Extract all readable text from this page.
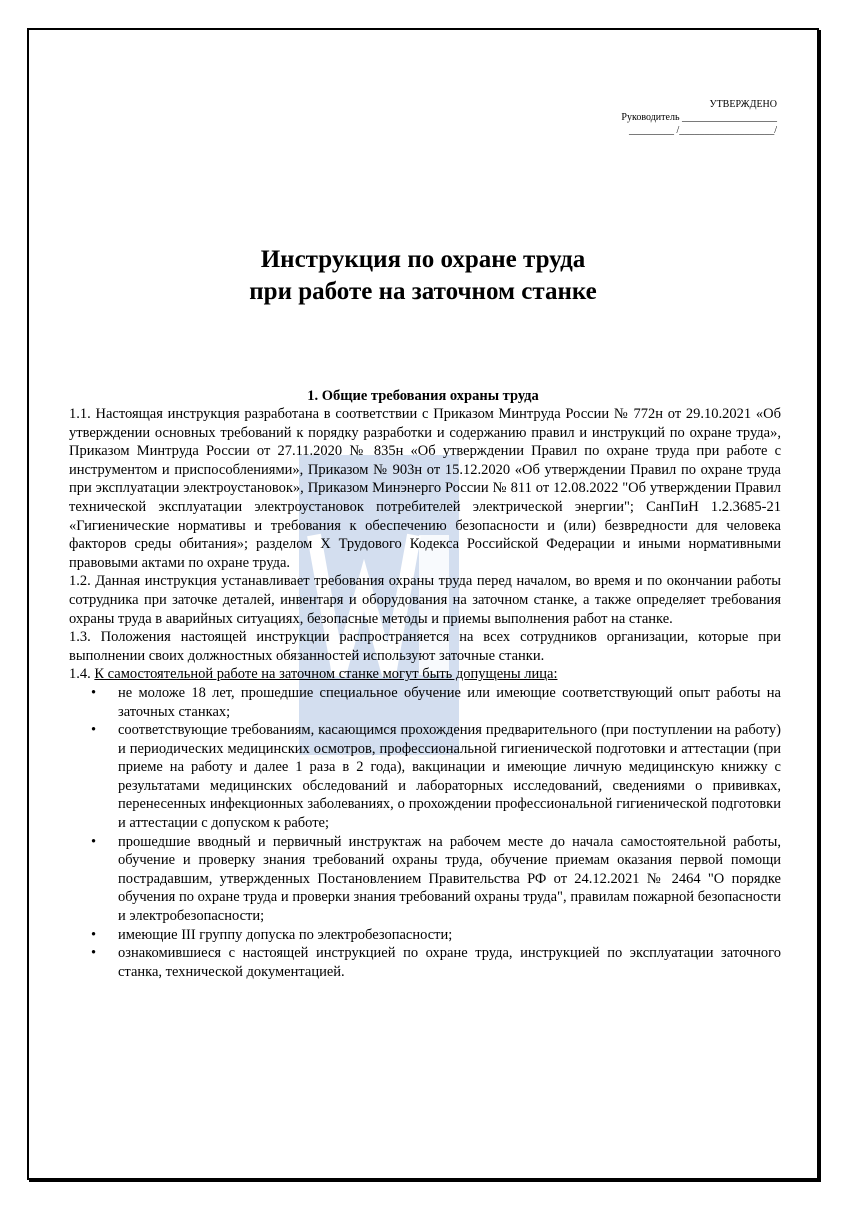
УТВЕРЖДЕНО
Руководитель ___________________
_________ /___________________/
Инструкция по охране труда
при работе на заточном станке
1. Общие требования охраны труда

1.1. Настоящая инструкция разработана в соответствии с Приказом Минтруда России № 772н от 29.10.2021 «Об утверждении основных требований к порядку разработки и содержанию правил и инструкций по охране труда», Приказом Минтруда России от 27.11.2020 № 835н «Об утверждении Правил по охране труда при работе с инструментом и приспособлениями», Приказом № 903н от 15.12.2020 «Об утверждении Правил по охране труда при эксплуатации электроустановок», Приказом Минэнерго России № 811 от 12.08.2022 "Об утверждении Правил технической эксплуатации электроустановок потребителей электрической энергии"; СанПиН 1.2.3685-21 «Гигиенические нормативы и требования к обеспечению безопасности и (или) безвредности для человека факторов среды обитания»; разделом X Трудового Кодекса Российской Федерации и иными нормативными правовыми актами по охране труда.

1.2. Данная инструкция устанавливает требования охраны труда перед началом, во время и по окончании работы сотрудника при заточке деталей, инвентаря и оборудования на заточном станке, а также определяет требования охраны труда в аварийных ситуациях, безопасные методы и приемы выполнения работ на станке.

1.3. Положения настоящей инструкции распространяется на всех сотрудников организации, которые при выполнении своих должностных обязанностей используют заточные станки.

1.4. К самостоятельной работе на заточном станке могут быть допущены лица:

• не моложе 18 лет, прошедшие специальное обучение или имеющие соответствующий опыт работы на заточных станках;
• соответствующие требованиям, касающимся прохождения предварительного (при поступлении на работу) и периодических медицинских осмотров, профессиональной гигиенической подготовки и аттестации (при приеме на работу и далее 1 раза в 2 года), вакцинации и имеющие личную медицинскую книжку с результатами медицинских обследований и лабораторных исследований, сведениями о прививках, перенесенных инфекционных заболеваниях, о прохождении профессиональной гигиенической подготовки и аттестации с допуском к работе;
• прошедшие вводный и первичный инструктаж на рабочем месте до начала самостоятельной работы, обучение и проверку знания требований охраны труда, обучение приемам оказания первой помощи пострадавшим, утвержденных Постановлением Правительства РФ от 24.12.2021 № 2464 "О порядке обучения по охране труда и проверки знания требований охраны труда", правилам пожарной безопасности и электробезопасности;
• имеющие III группу допуска по электробезопасности;
• ознакомившиеся с настоящей инструкцией по охране труда, инструкцией по эксплуатации заточного станка, технической документацией.
